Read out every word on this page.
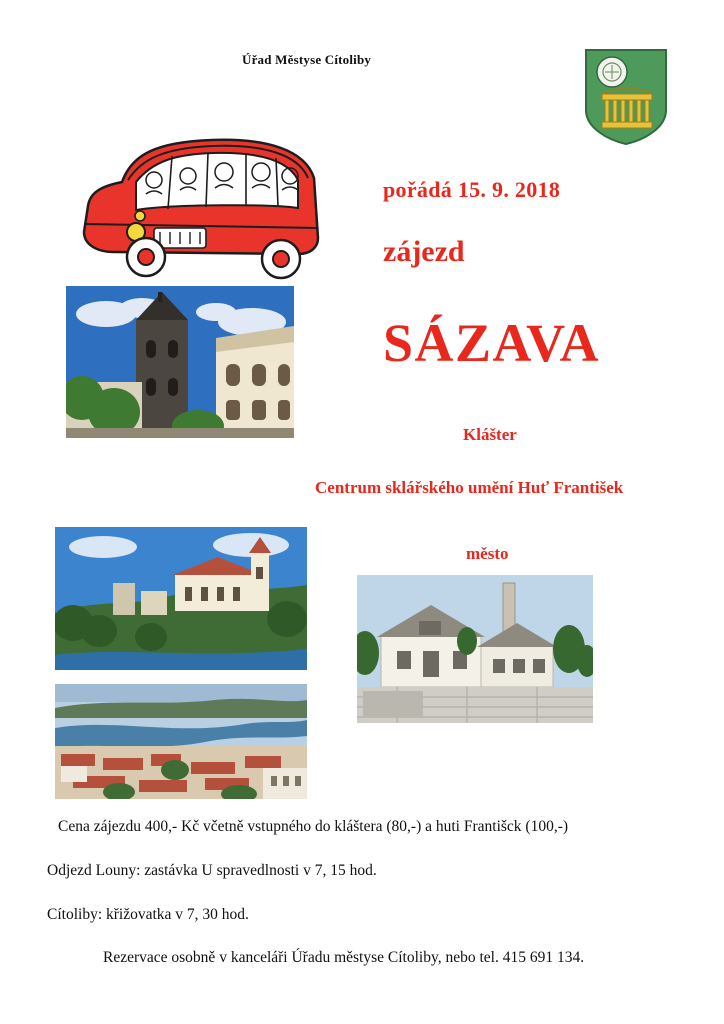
Úřad Městyse Cítoliby
pořádá 15. 9. 2018
zájezd
SÁZAVA
Klášter
Centrum sklářského umění Huť František
město
Cena zájezdu 400,- Kč včetně vstupného do kláštera (80,-) a huti Františck (100,-)
Odjezd Louny: zastávka U spravedlnosti v 7, 15 hod.
Cítoliby: křižovatka v 7, 30 hod.
Rezervace osobně v kanceláři Úřadu městyse Cítoliby, nebo tel. 415 691 134.
